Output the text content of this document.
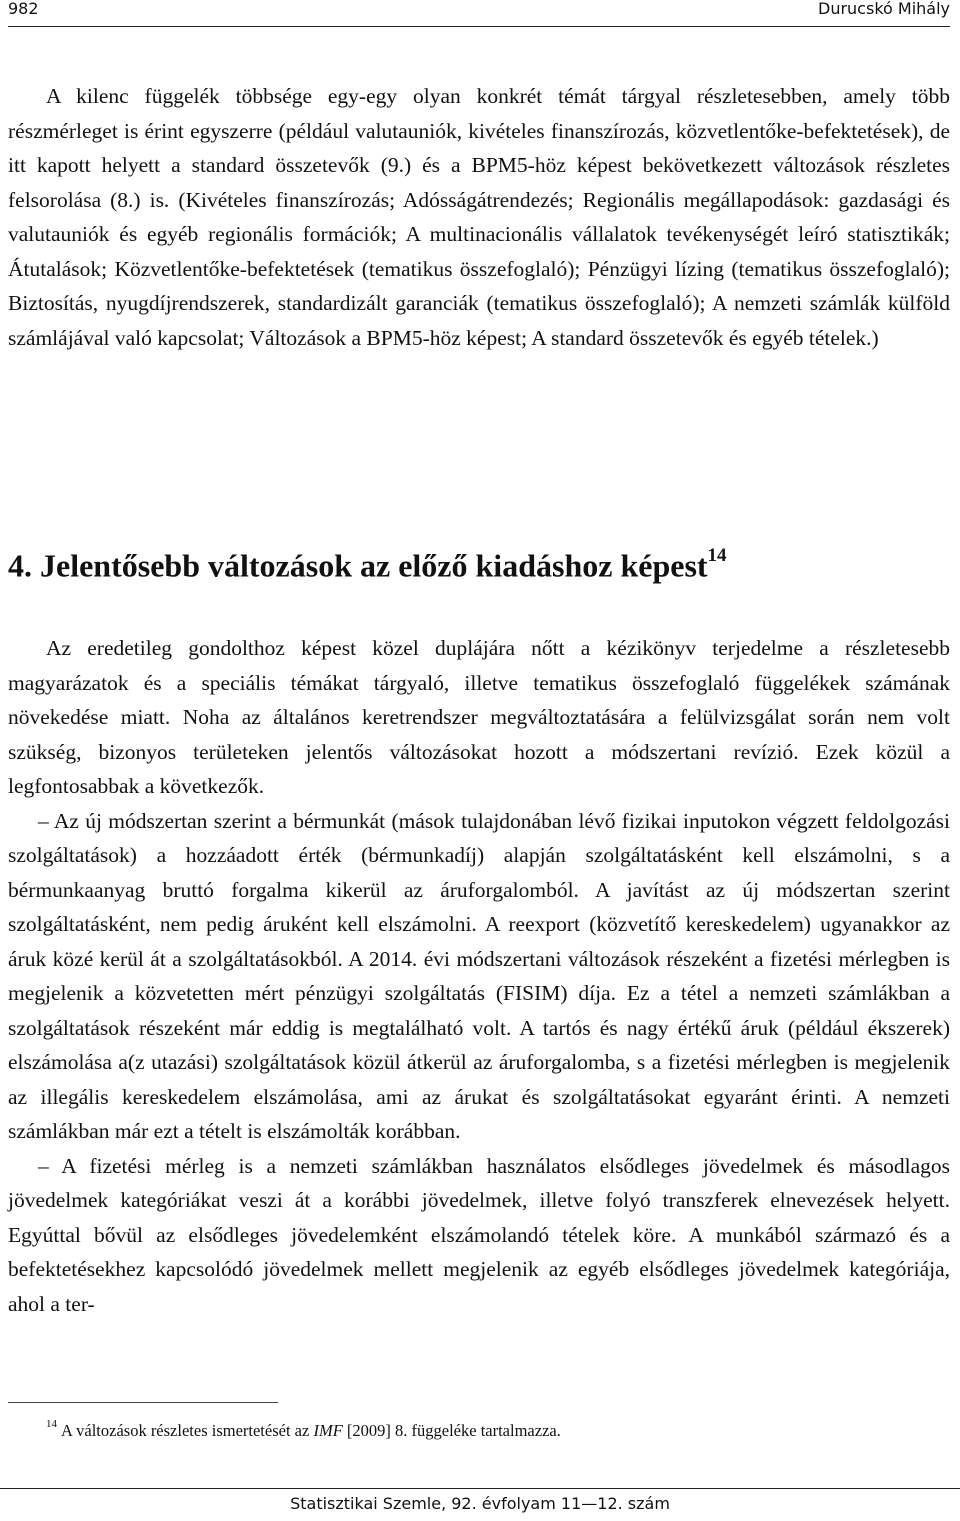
982	Durucskó Mihály

A kilenc függelék többsége egy-egy olyan konkrét témát tárgyal részletesebben, amely több részmérleget is érint egyszerre (például valutauniók, kivételes finanszírozás, közvetlentőke-befektetések), de itt kapott helyett a standard összetevők (9.) és a BPM5-höz képest bekövetkezett változások részletes felsorolása (8.) is. (Kivételes finanszírozás; Adósságátrendezés; Regionális megállapodások: gazdasági és valutauniók és egyéb regionális formációk; A multinacionális vállalatok tevékenységét leíró statisztikák; Átutalások; Közvetlentőke-befektetések (tematikus összefoglaló); Pénzügyi lízing (tematikus összefoglaló); Biztosítás, nyugdíjrendszerek, standardizált garanciák (tematikus összefoglaló); A nemzeti számlák külföld számlájával való kapcsolat; Változások a BPM5-höz képest; A standard összetevők és egyéb tételek.)

4. Jelentősebb változások az előző kiadáshoz képest$^{14}$

Az eredetileg gondolthoz képest közel duplájára nőtt a kézikönyv terjedelme a részletesebb magyarázatok és a speciális témákat tárgyaló, illetve tematikus összefoglaló függelékek számának növekedése miatt. Noha az általános keretrendszer megváltoztatására a felülvizsgálat során nem volt szükség, bizonyos területeken jelentős változásokat hozott a módszertani revízió. Ezek közül a legfontosabbak a következők.

– Az új módszertan szerint a bérmunkát (mások tulajdonában lévő fizikai inputokon végzett feldolgozási szolgáltatások) a hozzáadott érték (bérmunkadíj) alapján szolgáltatásként kell elszámolni, s a bérmunkaanyag bruttó forgalma kikerül az áruforgalomból. A javítást az új módszertan szerint szolgáltatásként, nem pedig áruként kell elszámolni. A reexport (közvetítő kereskedelem) ugyanakkor az áruk közé kerül át a szolgáltatásokból. A 2014. évi módszertani változások részeként a fizetési mérlegben is megjelenik a közvetetten mért pénzügyi szolgáltatás (FISIM) díja. Ez a tétel a nemzeti számlákban a szolgáltatások részeként már eddig is megtalálható volt. A tartós és nagy értékű áruk (például ékszerek) elszámolása a(z utazási) szolgáltatások közül átkerül az áruforgalomba, s a fizetési mérlegben is megjelenik az illegális kereskedelem elszámolása, ami az árukat és szolgáltatásokat egyaránt érinti. A nemzeti számlákban már ezt a tételt is elszámolták korábban.

– A fizetési mérleg is a nemzeti számlákban használatos elsődleges jövedelmek és másodlagos jövedelmek kategóriákat veszi át a korábbi jövedelmek, illetve folyó transzferek elnevezések helyett. Egyúttal bővül az elsődleges jövedelemként elszámolandó tételek köre. A munkából származó és a befektetésekhez kapcsolódó jövedelmek mellett megjelenik az egyéb elsődleges jövedelmek kategóriája, ahol a ter-

$^{14}$ A változások részletes ismertetését az IMF [2009] 8. függeléke tartalmazza.
Statisztikai Szemle, 92. évfolyam 11—12. szám
